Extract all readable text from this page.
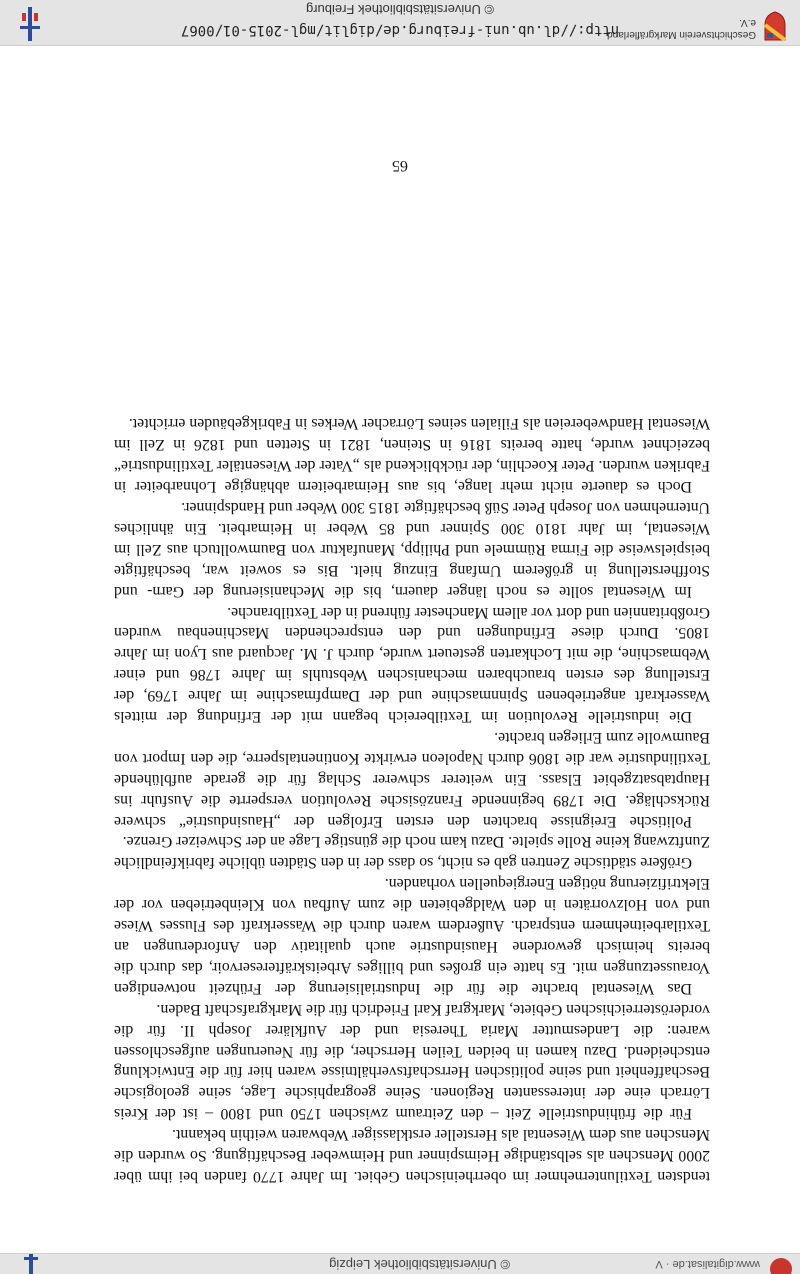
www.digitalisat.de · V
© Universitätsbibliothek Leipzig

tendsten Textilunternehmer im oberrheinischen Gebiet. Im Jahre 1770 fanden bei ihm über 2000 Menschen als selbständige Heimspinner und Heimweber Beschäftigung. So wurden die Menschen aus dem Wiesental als Hersteller erstklassiger Webwaren weithin bekannt.

Für die frühindustrielle Zeit – den Zeitraum zwischen 1750 und 1800 – ist der Kreis Lörrach eine der interessanten Regionen. Seine geographische Lage, seine geologische Beschaffenheit und seine politischen Herrschaftsverhältnisse waren hier für die Entwicklung entscheidend. Dazu kamen in beiden Teilen Herrscher, die für Neuerungen aufgeschlossen waren: die Landesmutter Maria Theresia und der Aufklärer Joseph II. für die vorderösterreichischen Gebiete, Markgraf Karl Friedrich für die Markgrafschaft Baden.

Das Wiesental brachte die für die Industrialisierung der Frühzeit notwendigen Voraussetzungen mit. Es hatte ein großes und billiges Arbeitskräftereservoir, das durch die bereits heimisch gewordene Hausindustrie auch qualitativ den Anforderungen an Textilarbeitnehmern entsprach. Außerdem waren durch die Wasserkraft des Flusses Wiese und von Holzvorräten in den Waldgebieten die zum Aufbau von Kleinbetrieben vor der Elektrifizierung nötigen Energiequellen vorhanden.

Größere städtische Zentren gab es nicht, so dass der in den Städten übliche fabrikfeindliche Zunftzwang keine Rolle spielte. Dazu kam noch die günstige Lage an der Schweizer Grenze.

Politische Ereignisse brachten den ersten Erfolgen der „Hausindustrie“ schwere Rückschläge. Die 1789 beginnende Französische Revolution versperrte die Ausfuhr ins Hauptabsatzgebiet Elsass. Ein weiterer schwerer Schlag für die gerade aufblühende Textilindustrie war die 1806 durch Napoleon erwirkte Kontinentalsperre, die den Import von Baumwolle zum Erliegen brachte.

Die industrielle Revolution im Textilbereich begann mit der Erfindung der mittels Wasserkraft angetriebenen Spinnmaschine und der Dampfmaschine im Jahre 1769, der Erstellung des ersten brauchbaren mechanischen Webstuhls im Jahre 1786 und einer Webmaschine, die mit Lochkarten gesteuert wurde, durch J. M. Jacquard aus Lyon im Jahre 1805. Durch diese Erfindungen und den entsprechenden Maschinenbau wurden Großbritannien und dort vor allem Manchester führend in der Textilbranche.

Im Wiesental sollte es noch länger dauern, bis die Mechanisierung der Garn- und Stoffherstellung in größerem Umfang Einzug hielt. Bis es soweit war, beschäftigte beispielsweise die Firma Rümmele und Philipp, Manufaktur von Baumwolltuch aus Zell im Wiesental, im Jahr 1810 300 Spinner und 85 Weber in Heimarbeit. Ein ähnliches Unternehmen von Joseph Peter Süß beschäftigte 1815 300 Weber und Handspinner.

Doch es dauerte nicht mehr lange, bis aus Heimarbeitern abhängige Lohnarbeiter in Fabriken wurden. Peter Koechlin, der rückblickend als „Vater der Wiesentäler Textilindustrie“ bezeichnet wurde, hatte bereits 1816 in Steinen, 1821 in Stetten und 1826 in Zell im Wiesental Handwebereien als Filialen seines Lörracher Werkes in Fabrikgebäuden errichtet.

65
Geschichtsverein Markgräflerland e.V.
http://dl.ub.uni-freiburg.de/diglit/mgl-2015-01/0067
© Universitätsbibliothek Freiburg
